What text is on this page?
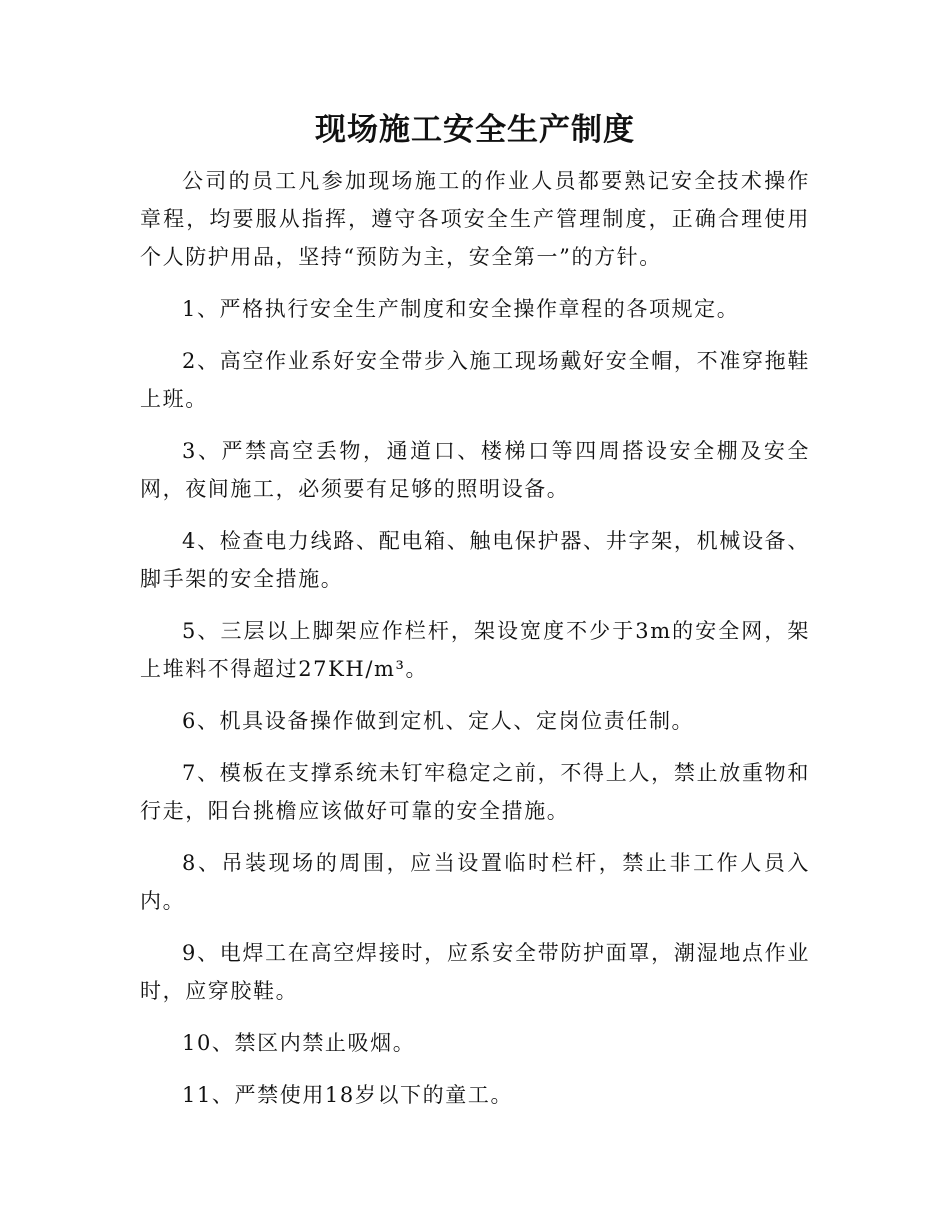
现场施工安全生产制度

公司的员工凡参加现场施工的作业人员都要熟记安全技术操作章程，均要服从指挥，遵守各项安全生产管理制度，正确合理使用个人防护用品，坚持“预防为主，安全第一”的方针。

1、严格执行安全生产制度和安全操作章程的各项规定。

2、高空作业系好安全带步入施工现场戴好安全帽，不准穿拖鞋上班。

3、严禁高空丢物，通道口、楼梯口等四周搭设安全棚及安全网，夜间施工，必须要有足够的照明设备。

4、检查电力线路、配电箱、触电保护器、井字架，机械设备、脚手架的安全措施。

5、三层以上脚架应作栏杆，架设宽度不少于3m的安全网，架上堆料不得超过27KH/m³。

6、机具设备操作做到定机、定人、定岗位责任制。

7、模板在支撑系统未钉牢稳定之前，不得上人，禁止放重物和行走，阳台挑檐应该做好可靠的安全措施。

8、吊装现场的周围，应当设置临时栏杆，禁止非工作人员入内。

9、电焊工在高空焊接时，应系安全带防护面罩，潮湿地点作业时，应穿胶鞋。

10、禁区内禁止吸烟。

11、严禁使用18岁以下的童工。
